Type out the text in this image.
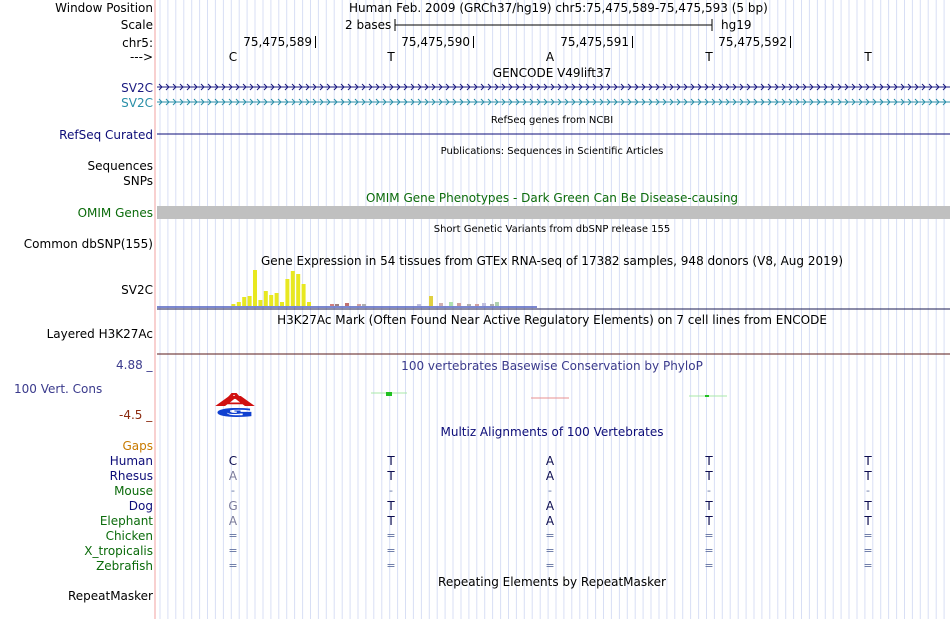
Window Position	Human Feb. 2009 (GRCh37/hg19) chr5:75,475,589-75,475,593 (5 bp)
Scale	2 bases	hg19
chr5:	75,475,589	75,475,590	75,475,591	75,475,592
--->	C	T	A	T	T
GENCODE V49lift37
SV2C
SV2C
RefSeq genes from NCBI
RefSeq Curated
Publications: Sequences in Scientific Articles
Sequences
SNPs
OMIM Gene Phenotypes - Dark Green Can Be Disease-causing
OMIM Genes
Short Genetic Variants from dbSNP release 155
Common dbSNP(155)
Gene Expression in 54 tissues from GTEx RNA-seq of 17382 samples, 948 donors (V8, Aug 2019)
SV2C
H3K27Ac Mark (Often Found Near Active Regulatory Elements) on 7 cell lines from ENCODE
Layered H3K27Ac
100 vertebrates Basewise Conservation by PhyloP
4.88 _
100 Vert. Cons
-4.5 _
A
G
A
G
Multiz Alignments of 100 Vertebrates
Gaps
Human	C	T	A	T	T
Rhesus	A	T	A	T	T
Mouse	-	-	-	-	-
Dog	G	T	A	T	T
Elephant	A	T	A	T	T
Chicken	=	=	=	=	=
X_tropicalis	=	=	=	=	=
Zebrafish	=	=	=	=	=
Repeating Elements by RepeatMasker
RepeatMasker
